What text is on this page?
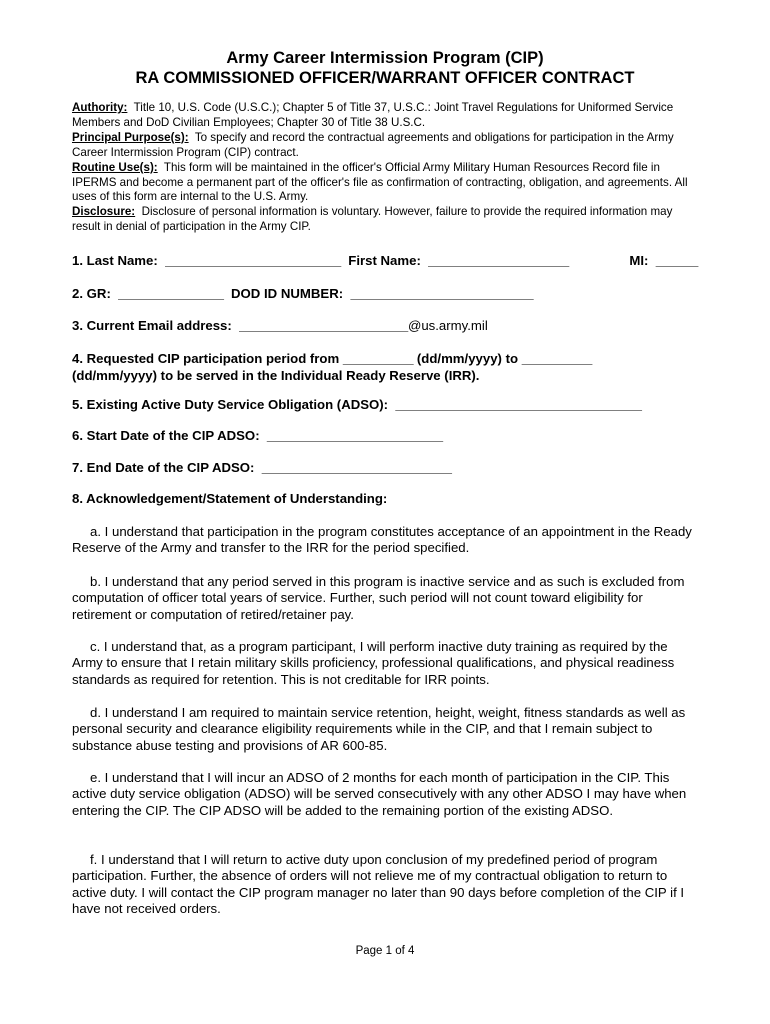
Army Career Intermission Program (CIP)
RA COMMISSIONED OFFICER/WARRANT OFFICER CONTRACT

Authority: Title 10, U.S. Code (U.S.C.); Chapter 5 of Title 37, U.S.C.: Joint Travel Regulations for Uniformed Service Members and DoD Civilian Employees; Chapter 30 of Title 38 U.S.C.

Principal Purpose(s): To specify and record the contractual agreements and obligations for participation in the Army Career Intermission Program (CIP) contract.

Routine Use(s): This form will be maintained in the officer's Official Army Military Human Resources Record file in IPERMS and become a permanent part of the officer's file as confirmation of contracting, obligation, and agreements. All uses of this form are internal to the U.S. Army.

Disclosure: Disclosure of personal information is voluntary. However, failure to provide the required information may result in denial of participation in the Army CIP.

1. Last Name: _________________________ First Name: ____________________	MI: ______
2. GR: _______________ DOD ID NUMBER: __________________________
3. Current Email address: ________________________@us.army.mil
4. Requested CIP participation period from __________ (dd/mm/yyyy) to __________
(dd/mm/yyyy) to be served in the Individual Ready Reserve (IRR).
5. Existing Active Duty Service Obligation (ADSO): ___________________________________
6. Start Date of the CIP ADSO: _________________________
7. End Date of the CIP ADSO: ___________________________
8. Acknowledgement/Statement of Understanding:

a. I understand that participation in the program constitutes acceptance of an appointment in the Ready Reserve of the Army and transfer to the IRR for the period specified.

b. I understand that any period served in this program is inactive service and as such is excluded from computation of officer total years of service. Further, such period will not count toward eligibility for retirement or computation of retired/retainer pay.

c. I understand that, as a program participant, I will perform inactive duty training as required by the Army to ensure that I retain military skills proficiency, professional qualifications, and physical readiness standards as required for retention. This is not creditable for IRR points.

d. I understand I am required to maintain service retention, height, weight, fitness standards as well as personal security and clearance eligibility requirements while in the CIP, and that I remain subject to substance abuse testing and provisions of AR 600-85.

e. I understand that I will incur an ADSO of 2 months for each month of participation in the CIP. This active duty service obligation (ADSO) will be served consecutively with any other ADSO I may have when entering the CIP. The CIP ADSO will be added to the remaining portion of the existing ADSO.

f. I understand that I will return to active duty upon conclusion of my predefined period of program participation. Further, the absence of orders will not relieve me of my contractual obligation to return to active duty. I will contact the CIP program manager no later than 90 days before completion of the CIP if I have not received orders.

Page 1 of 4
